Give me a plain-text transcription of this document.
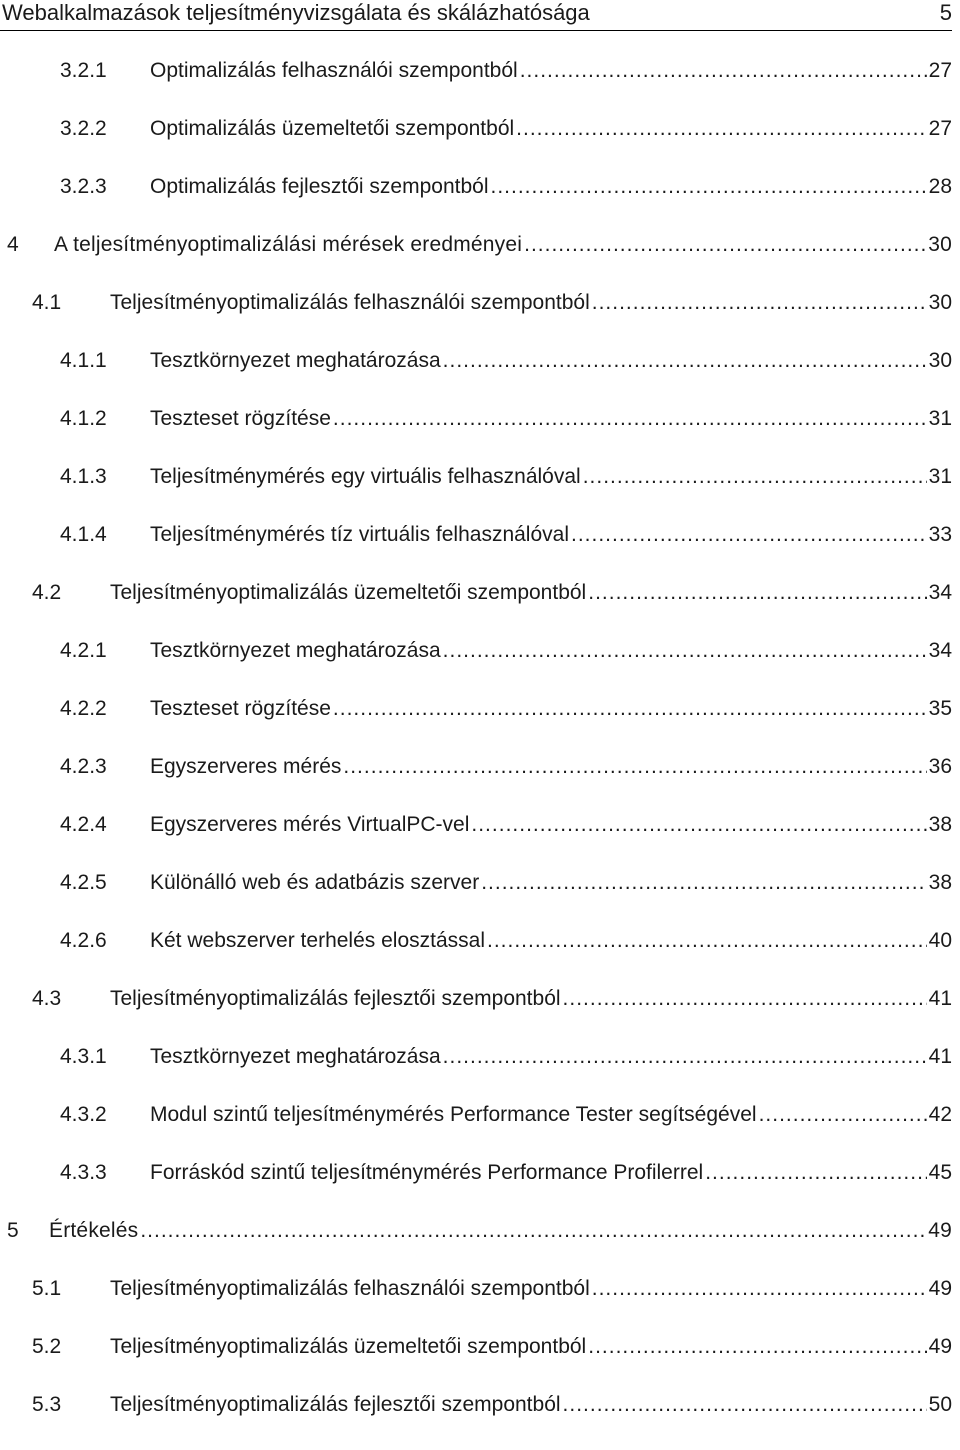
Webalkalmazások teljesítményvizsgálata és skálázhatósága	5
3.2.1	Optimalizálás felhasználói szempontból .....	27
3.2.2	Optimalizálás üzemeltetői szempontból .....	27
3.2.3	Optimalizálás fejlesztői szempontból .....	28
4	A teljesítményoptimalizálási mérések eredményei .....	30
4.1	Teljesítményoptimalizálás felhasználói szempontból .....	30
4.1.1	Tesztkörnyezet meghatározása .....	30
4.1.2	Teszteset rögzítése .....	31
4.1.3	Teljesítménymérés egy virtuális felhasználóval .....	31
4.1.4	Teljesítménymérés tíz virtuális felhasználóval .....	33
4.2	Teljesítményoptimalizálás üzemeltetői szempontból .....	34
4.2.1	Tesztkörnyezet meghatározása .....	34
4.2.2	Teszteset rögzítése .....	35
4.2.3	Egyszerveres mérés .....	36
4.2.4	Egyszerveres mérés VirtualPC-vel .....	38
4.2.5	Különálló web és adatbázis szerver .....	38
4.2.6	Két webszerver terhelés elosztással .....	40
4.3	Teljesítményoptimalizálás fejlesztői szempontból .....	41
4.3.1	Tesztkörnyezet meghatározása .....	41
4.3.2	Modul szintű teljesítménymérés Performance Tester segítségével .....	42
4.3.3	Forráskód szintű teljesítménymérés Performance Profilerrel .....	45
5	Értékelés .....	49
5.1	Teljesítményoptimalizálás felhasználói szempontból .....	49
5.2	Teljesítményoptimalizálás üzemeltetői szempontból .....	49
5.3	Teljesítményoptimalizálás fejlesztői szempontból .....	50
